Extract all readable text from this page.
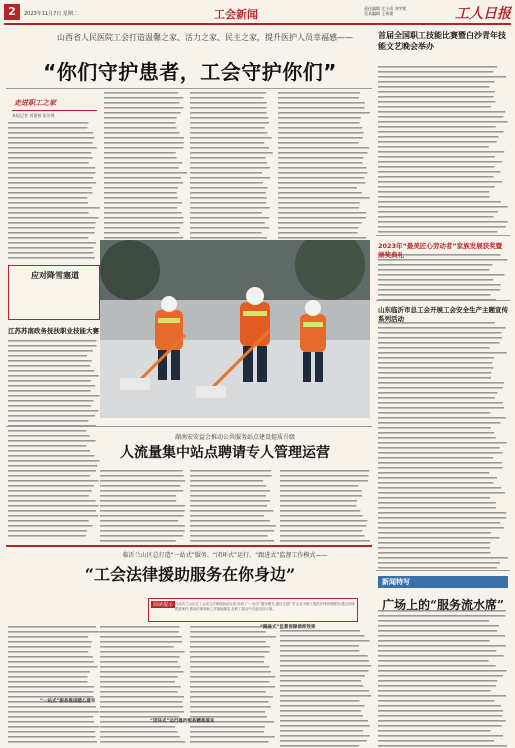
2	2023年11月7日 星期二	工会新闻	责任编辑 尤小雨 刘宇熙
美术编辑 王伟建	工人日报
山西省人民医院工会打造温馨之家、活力之家、民主之家，提升医护人员幸福感——
“你们守护患者，工会守护你们”
走进职工之家
本报记者 刘建林 张芳琪
应对降雪塞道
江苏苏南政务抚扶职业技能大赛
首届全国职工技能比赛暨白沙青年技能文艺晚会举办
2023年“最美匠心劳动者”家族发展获奖暨颁奖典礼
山东临沂市总工会开展工会安全生产主题宣传系列活动
湖南宏安益会推动公共服务站点建设提质升级
人流量集中站点聘请专人管理运营
临沂兰山区总打造“一站式”服务、“闭环式”运行、“跟进式”监督工作模式——
“工会法律援助服务在你身边”
阅读提示 自成功兰山区总工会成立法律援助站以来,形成了“一站式”服务模式,通过走进厂矿企业为职工提供法律咨询服务;通过持续跟进案件,做到法律援助工作落地落实,在职工群众中引起良好反响。
“一站式”服务推进暖心落实
“闭环式”运行推动服务精准落实
“跟进式”监督保障律师效果
新闻特写
广场上的“服务流水席”
